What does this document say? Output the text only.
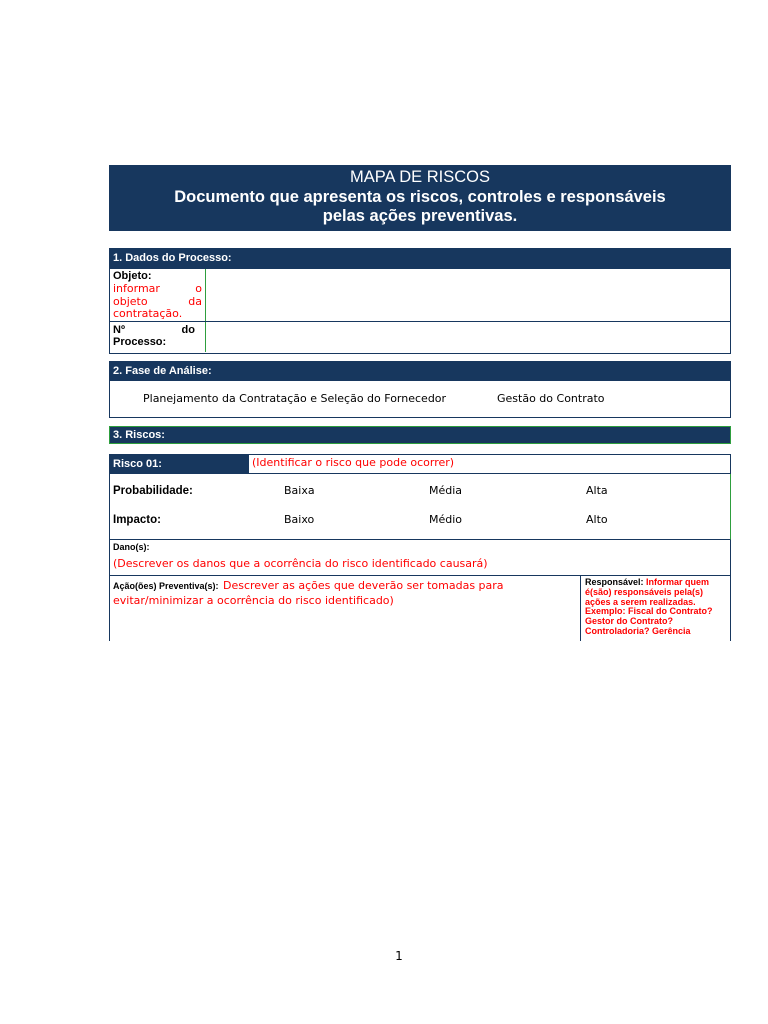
MAPA DE RISCOS
Documento que apresenta os riscos, controles e responsáveis
pelas ações preventivas.
1. Dados do Processo:
Objeto:
informar o objeto da contratação.
Nº do Processo:
2. Fase de Análise:
Planejamento da Contratação e Seleção do Fornecedor	Gestão do Contrato
3. Riscos:
Risco 01:	(Identificar o risco que pode ocorrer)
Probabilidade:	Baixa	Média	Alta
Impacto:	Baixo	Médio	Alto
Dano(s):
(Descrever os danos que a ocorrência do risco identificado causará)
Ação(ões) Preventiva(s): Descrever as ações que deverão ser tomadas para evitar/minimizar a ocorrência do risco identificado)
Responsável: Informar quem é(são) responsáveis pela(s) ações a serem realizadas. Exemplo: Fiscal do Contrato? Gestor do Contrato? Controladoria? Gerência
1
